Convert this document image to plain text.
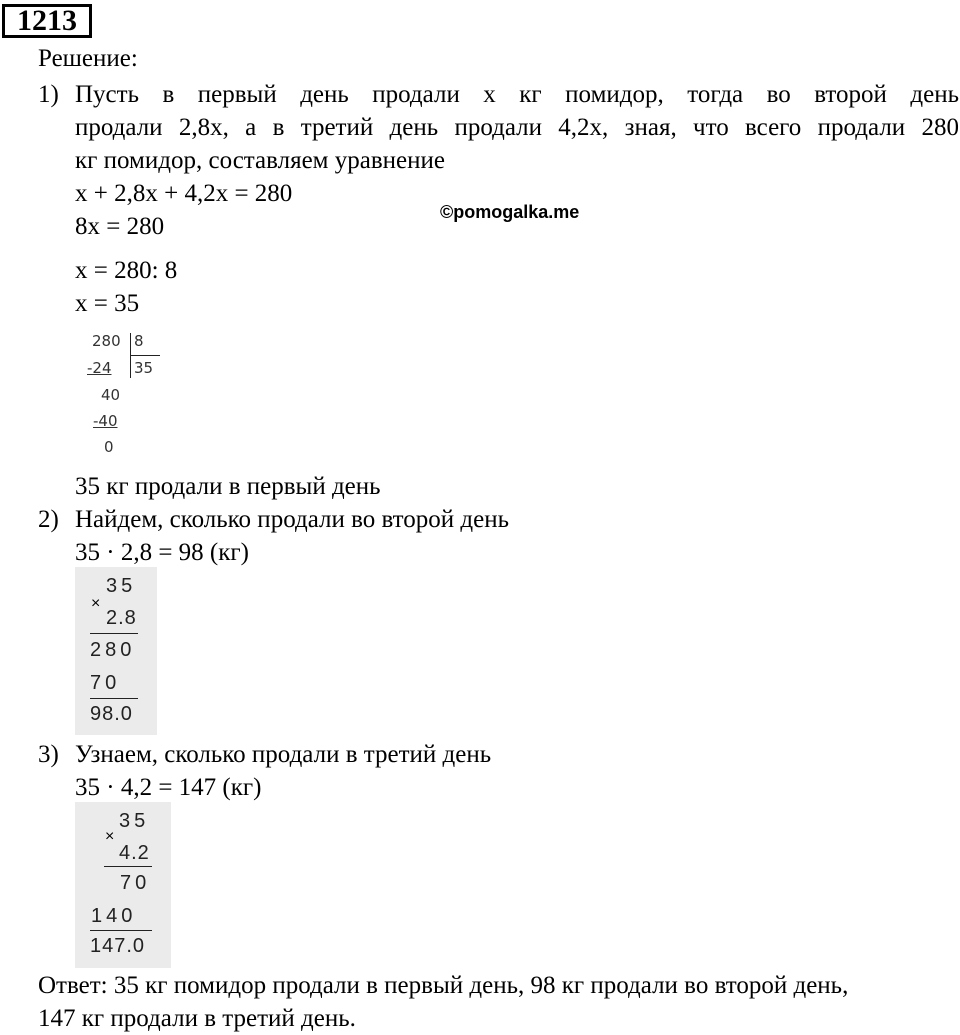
1213
Решение:
1) Пусть в первый день продали х кг помидор, тогда во второй день
продали 2,8х, а в третий день продали 4,2х, зная, что всего продали 280
кг помидор, составляем уравнение
х + 2,8х + 4,2х = 280
©pomogalka.me
8х = 280
х = 280: 8
х = 35
280 8
-24 35
40
-40
0
35 кг продали в первый день
2) Найдем, сколько продали во второй день
35 · 2,8 = 98 (кг)
×
35
2.8
280
70
98.0
3) Узнаем, сколько продали в третий день
35 · 4,2 = 147 (кг)
×
35
4.2
70
140
147.0
Ответ: 35 кг помидор продали в первый день, 98 кг продали во второй день,
147 кг продали в третий день.
